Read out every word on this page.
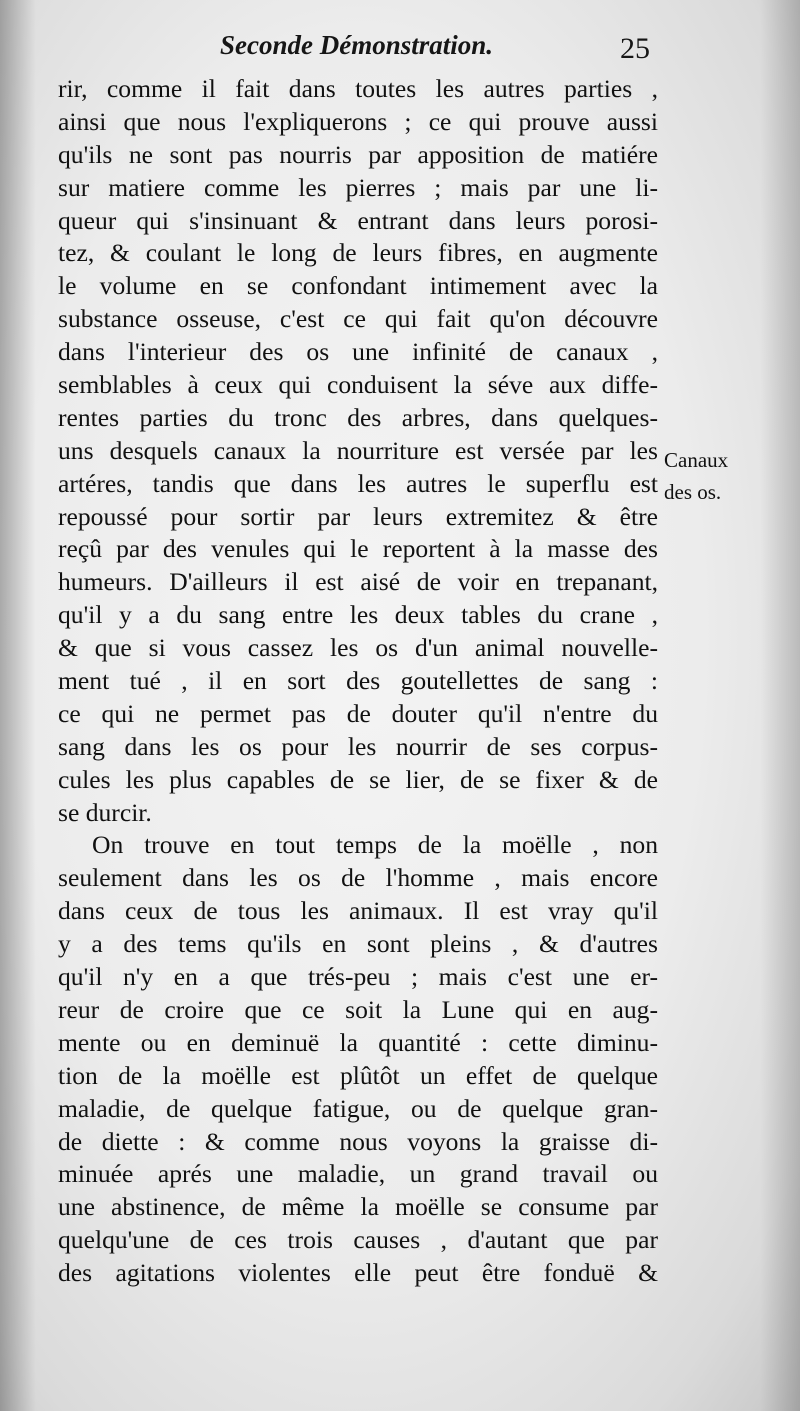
Seconde Démonstration.	25
rir, comme il fait dans toutes les autres parties ,
ainsi que nous l'expliquerons ; ce qui prouve aussi
qu'ils ne sont pas nourris par apposition de matiére
sur matiere comme les pierres ; mais par une li-
queur qui s'insinuant & entrant dans leurs porosi-
tez, & coulant le long de leurs fibres, en augmente
le volume en se confondant intimement avec la
substance osseuse, c'est ce qui fait qu'on découvre
dans l'interieur des os une infinité de canaux ,
semblables à ceux qui conduisent la séve aux diffe-
rentes parties du tronc des arbres, dans quelques-
uns desquels canaux la nourriture est versée par les
artéres, tandis que dans les autres le superflu est
repoussé pour sortir par leurs extremitez & être
reçû par des venules qui le reportent à la masse des
humeurs. D'ailleurs il est aisé de voir en trepanant,
qu'il y a du sang entre les deux tables du crane ,
& que si vous cassez les os d'un animal nouvelle-
ment tué , il en sort des goutellettes de sang :
ce qui ne permet pas de douter qu'il n'entre du
sang dans les os pour les nourrir de ses corpus-
cules les plus capables de se lier, de se fixer & de
se durcir.
On trouve en tout temps de la moëlle , non
seulement dans les os de l'homme , mais encore
dans ceux de tous les animaux. Il est vray qu'il
y a des tems qu'ils en sont pleins , & d'autres
qu'il n'y en a que trés-peu ; mais c'est une er-
reur de croire que ce soit la Lune qui en aug-
mente ou en deminuë la quantité : cette diminu-
tion de la moëlle est plûtôt un effet de quelque
maladie, de quelque fatigue, ou de quelque gran-
de diette : & comme nous voyons la graisse di-
minuée aprés une maladie, un grand travail ou
une abstinence, de même la moëlle se consume par
quelqu'une de ces trois causes , d'autant que par
des agitations violentes elle peut être fonduë &
Canaux
des os.
